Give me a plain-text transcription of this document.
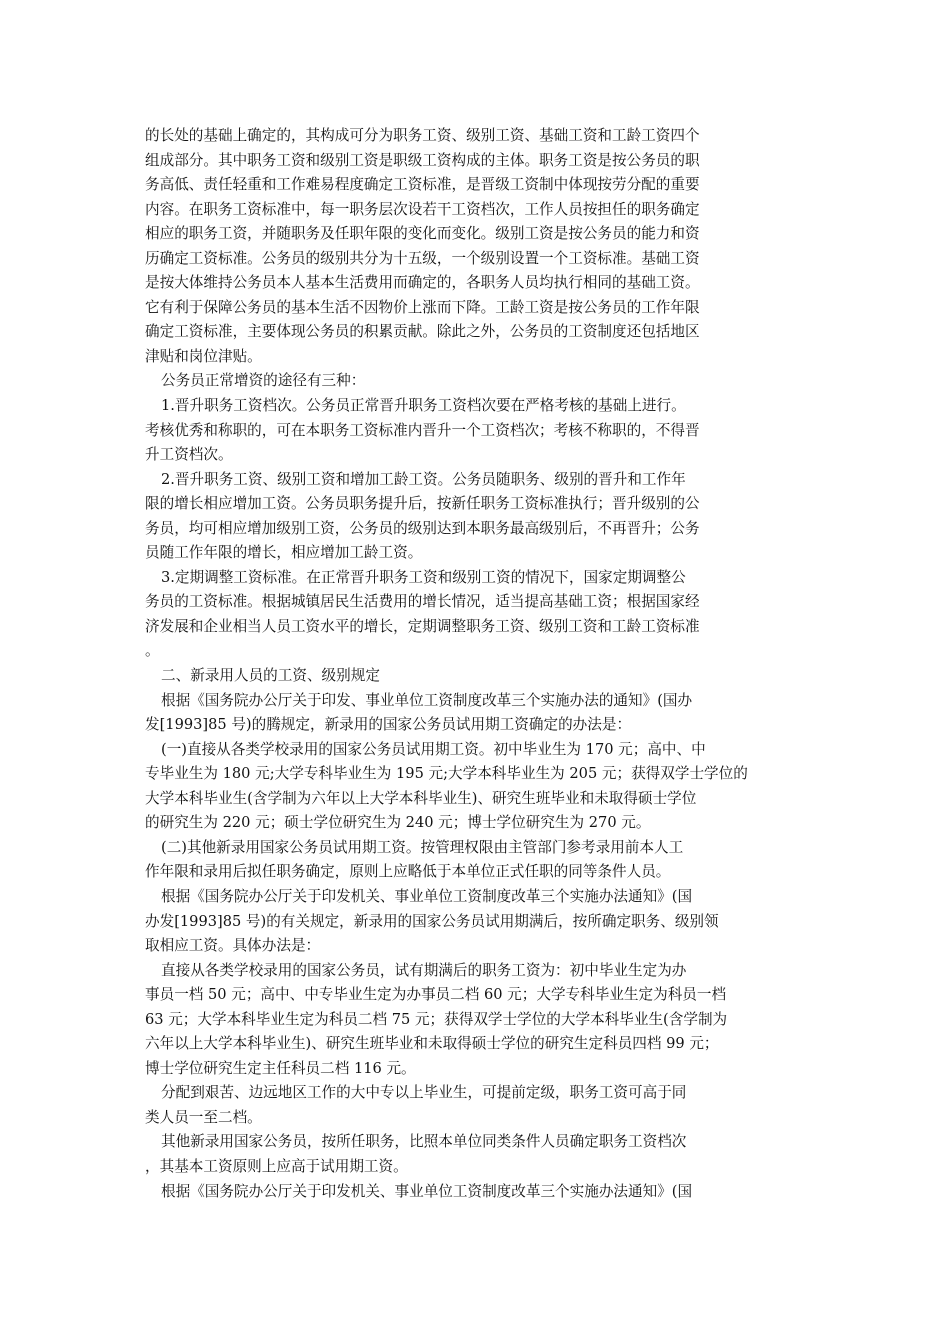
的长处的基础上确定的，其构成可分为职务工资、级别工资、基础工资和工龄工资四个
组成部分。其中职务工资和级别工资是职级工资构成的主体。职务工资是按公务员的职
务高低、责任轻重和工作难易程度确定工资标准，是晋级工资制中体现按劳分配的重要
内容。在职务工资标准中，每一职务层次设若干工资档次，工作人员按担任的职务确定
相应的职务工资，并随职务及任职年限的变化而变化。级别工资是按公务员的能力和资
历确定工资标准。公务员的级别共分为十五级，一个级别设置一个工资标准。基础工资
是按大体维持公务员本人基本生活费用而确定的，各职务人员均执行相同的基础工资。
它有利于保障公务员的基本生活不因物价上涨而下降。工龄工资是按公务员的工作年限
确定工资标准，主要体现公务员的积累贡献。除此之外，公务员的工资制度还包括地区
津贴和岗位津贴。
公务员正常增资的途径有三种：
1.晋升职务工资档次。公务员正常晋升职务工资档次要在严格考核的基础上进行。
考核优秀和称职的，可在本职务工资标准内晋升一个工资档次；考核不称职的，不得晋
升工资档次。
2.晋升职务工资、级别工资和增加工龄工资。公务员随职务、级别的晋升和工作年
限的增长相应增加工资。公务员职务提升后，按新任职务工资标准执行；晋升级别的公
务员，均可相应增加级别工资，公务员的级别达到本职务最高级别后，不再晋升；公务
员随工作年限的增长，相应增加工龄工资。
3.定期调整工资标准。在正常晋升职务工资和级别工资的情况下，国家定期调整公
务员的工资标准。根据城镇居民生活费用的增长情况，适当提高基础工资；根据国家经
济发展和企业相当人员工资水平的增长，定期调整职务工资、级别工资和工龄工资标准
。
二、新录用人员的工资、级别规定
根据《国务院办公厅关于印发、事业单位工资制度改革三个实施办法的通知》(国办
发[1993]85 号)的腾规定，新录用的国家公务员试用期工资确定的办法是：
(一)直接从各类学校录用的国家公务员试用期工资。初中毕业生为 170 元；高中、中
专毕业生为 180 元;大学专科毕业生为 195 元;大学本科毕业生为 205 元；获得双学士学位的
大学本科毕业生(含学制为六年以上大学本科毕业生)、研究生班毕业和未取得硕士学位
的研究生为 220 元；硕士学位研究生为 240 元；博士学位研究生为 270 元。
(二)其他新录用国家公务员试用期工资。按管理权限由主管部门参考录用前本人工
作年限和录用后拟任职务确定，原则上应略低于本单位正式任职的同等条件人员。
根据《国务院办公厅关于印发机关、事业单位工资制度改革三个实施办法通知》(国
办发[1993]85 号)的有关规定，新录用的国家公务员试用期满后，按所确定职务、级别领
取相应工资。具体办法是：
直接从各类学校录用的国家公务员，试有期满后的职务工资为：初中毕业生定为办
事员一档 50 元；高中、中专毕业生定为办事员二档 60 元；大学专科毕业生定为科员一档
63 元；大学本科毕业生定为科员二档 75 元；获得双学士学位的大学本科毕业生(含学制为
六年以上大学本科毕业生)、研究生班毕业和未取得硕士学位的研究生定科员四档 99 元；
博士学位研究生定主任科员二档 116 元。
分配到艰苦、边远地区工作的大中专以上毕业生，可提前定级，职务工资可高于同
类人员一至二档。
其他新录用国家公务员，按所任职务，比照本单位同类条件人员确定职务工资档次
，其基本工资原则上应高于试用期工资。
根据《国务院办公厅关于印发机关、事业单位工资制度改革三个实施办法通知》(国
